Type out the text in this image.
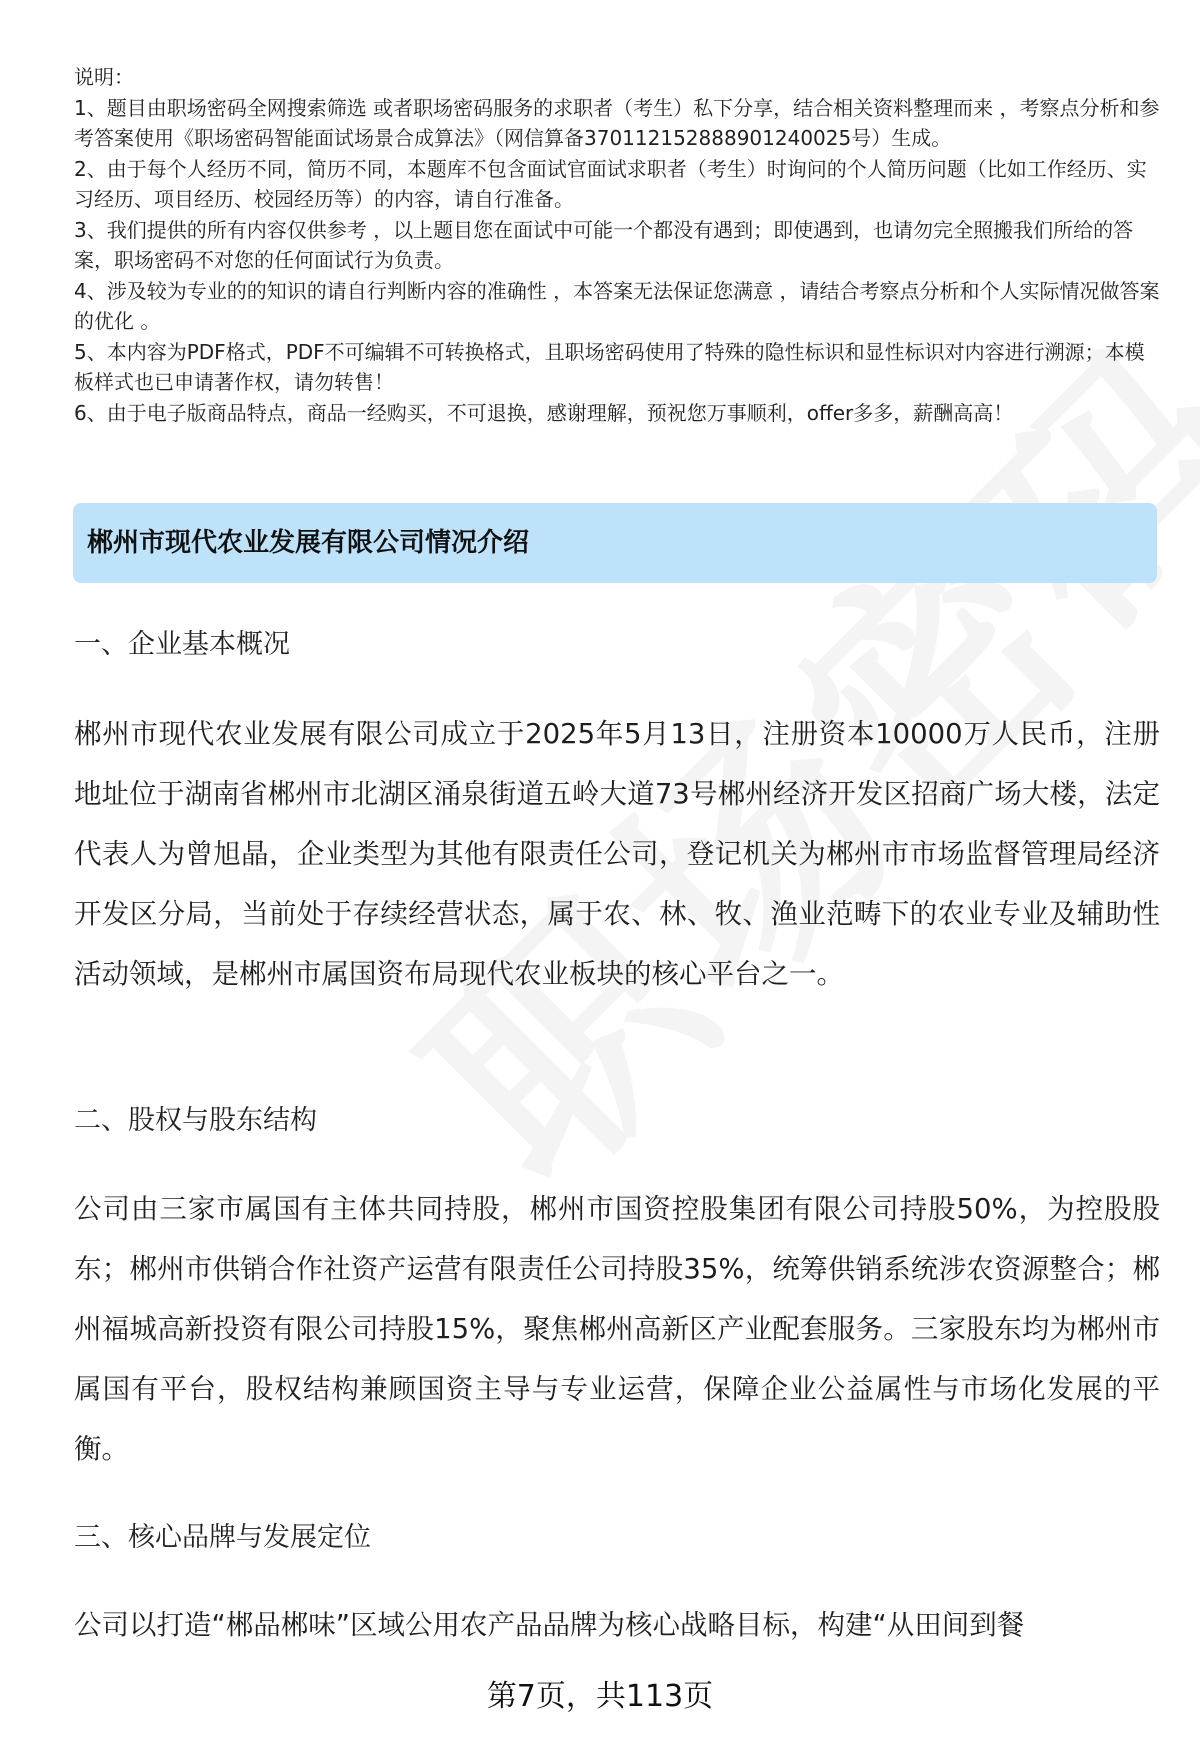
说明：

1、题目由职场密码全网搜索筛选 或者职场密码服务的求职者（考生）私下分享，结合相关资料整理而来 ，考察点分析和参考答案使用《职场密码智能面试场景合成算法》（网信算备370112152888901240025号）生成。

2、由于每个人经历不同，简历不同，本题库不包含面试官面试求职者（考生）时询问的个人简历问题（比如工作经历、实习经历、项目经历、校园经历等）的内容，请自行准备。

3、我们提供的所有内容仅供参考 ，以上题目您在面试中可能一个都没有遇到；即使遇到，也请勿完全照搬我们所给的答案，职场密码不对您的任何面试行为负责。

4、涉及较为专业的的知识的请自行判断内容的准确性 ，本答案无法保证您满意 ，请结合考察点分析和个人实际情况做答案的优化 。

5、本内容为PDF格式，PDF不可编辑不可转换格式，且职场密码使用了特殊的隐性标识和显性标识对内容进行溯源；本模板样式也已申请著作权，请勿转售！

6、由于电子版商品特点，商品一经购买，不可退换，感谢理解，预祝您万事顺利，offer多多，薪酬高高！

郴州市现代农业发展有限公司情况介绍
一、企业基本概况

郴州市现代农业发展有限公司成立于2025年5月13日，注册资本10000万人民币，注册地址位于湖南省郴州市北湖区涌泉街道五岭大道73号郴州经济开发区招商广场大楼，法定代表人为曾旭晶，企业类型为其他有限责任公司，登记机关为郴州市市场监督管理局经济开发区分局，当前处于存续经营状态，属于农、林、牧、渔业范畴下的农业专业及辅助性活动领域，是郴州市属国资布局现代农业板块的核心平台之一。

二、股权与股东结构

公司由三家市属国有主体共同持股，郴州市国资控股集团有限公司持股50%，为控股股东；郴州市供销合作社资产运营有限责任公司持股35%，统筹供销系统涉农资源整合；郴州福城高新投资有限公司持股15%，聚焦郴州高新区产业配套服务。三家股东均为郴州市属国有平台，股权结构兼顾国资主导与专业运营，保障企业公益属性与市场化发展的平衡。

三、核心品牌与发展定位

公司以打造“郴品郴味”区域公用农产品品牌为核心战略目标，构建“从田间到餐

第7页，共113页
